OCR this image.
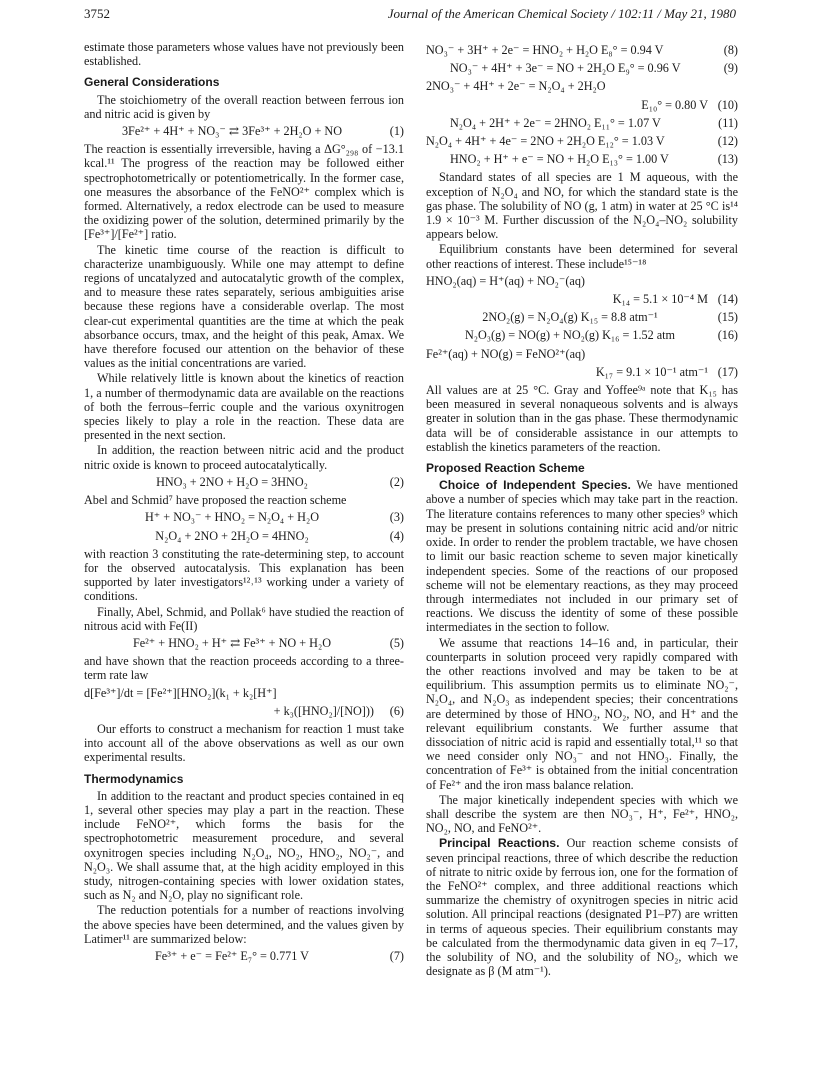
3752	Journal of the American Chemical Society / 102:11 / May 21, 1980

estimate those parameters whose values have not previously been established.

General Considerations

The stoichiometry of the overall reaction between ferrous ion and nitric acid is given by

3Fe²⁺ + 4H⁺ + NO₃⁻ ⇄ 3Fe³⁺ + 2H₂O + NO	(1)

The reaction is essentially irreversible, having a ΔG°₂₉₈ of −13.1 kcal.¹¹ The progress of the reaction may be followed either spectrophotometrically or potentiometrically. In the former case, one measures the absorbance of the FeNO²⁺ complex which is formed. Alternatively, a redox electrode can be used to measure the oxidizing power of the solution, determined primarily by the [Fe³⁺]/[Fe²⁺] ratio.

The kinetic time course of the reaction is difficult to characterize unambiguously. While one may attempt to define regions of uncatalyzed and autocatalytic growth of the complex, and to measure these rates separately, serious ambiguities arise because these regions have a considerable overlap. The most clear-cut experimental quantities are the time at which the peak absorbance occurs, tmax, and the height of this peak, Amax. We have therefore focused our attention on the behavior of these values as the initial concentrations are varied.

While relatively little is known about the kinetics of reaction 1, a number of thermodynamic data are available on the reactions of both the ferrous–ferric couple and the various oxynitrogen species likely to play a role in the reaction. These data are presented in the next section.

In addition, the reaction between nitric acid and the product nitric oxide is known to proceed autocatalytically.

HNO₃ + 2NO + H₂O = 3HNO₂	(2)

Abel and Schmid⁷ have proposed the reaction scheme

H⁺ + NO₃⁻ + HNO₂ = N₂O₄ + H₂O	(3)
N₂O₄ + 2NO + 2H₂O = 4HNO₂	(4)

with reaction 3 constituting the rate-determining step, to account for the observed autocatalysis. This explanation has been supported by later investigators¹²˒¹³ working under a variety of conditions.

Finally, Abel, Schmid, and Pollak⁶ have studied the reaction of nitrous acid with Fe(II)

Fe²⁺ + HNO₂ + H⁺ ⇄ Fe³⁺ + NO + H₂O	(5)

and have shown that the reaction proceeds according to a three-term rate law

d[Fe³⁺]/dt = [Fe²⁺][HNO₂](k₁ + k₂[H⁺]
+ k₃([HNO₂]/[NO]))	(6)

Our efforts to construct a mechanism for reaction 1 must take into account all of the above observations as well as our own experimental results.

Thermodynamics

In addition to the reactant and product species contained in eq 1, several other species may play a part in the reaction. These include FeNO²⁺, which forms the basis for the spectrophotometric measurement procedure, and several oxynitrogen species including N₂O₄, NO₂, HNO₂, NO₂⁻, and N₂O₃. We shall assume that, at the high acidity employed in this study, nitrogen-containing species with lower oxidation states, such as N₂ and N₂O, play no significant role.

The reduction potentials for a number of reactions involving the above species have been determined, and the values given by Latimer¹¹ are summarized below:

Fe³⁺ + e⁻ = Fe²⁺ E₇° = 0.771 V	(7)
NO₃⁻ + 3H⁺ + 2e⁻ = HNO₂ + H₂O E₈° = 0.94 V	(8)
NO₃⁻ + 4H⁺ + 3e⁻ = NO + 2H₂O E₉° = 0.96 V	(9)
2NO₃⁻ + 4H⁺ + 2e⁻ = N₂O₄ + 2H₂O
E₁₀° = 0.80 V (10)
N₂O₄ + 2H⁺ + 2e⁻ = 2HNO₂ E₁₁° = 1.07 V	(11)
N₂O₄ + 4H⁺ + 4e⁻ = 2NO + 2H₂O E₁₂° = 1.03 V	(12)
HNO₂ + H⁺ + e⁻ = NO + H₂O E₁₃° = 1.00 V	(13)

Standard states of all species are 1 M aqueous, with the exception of N₂O₄ and NO, for which the standard state is the gas phase. The solubility of NO (g, 1 atm) in water at 25 °C is¹⁴ 1.9 × 10⁻³ M. Further discussion of the N₂O₄–NO₂ solubility appears below.

Equilibrium constants have been determined for several other reactions of interest. These include¹⁵⁻¹⁸

HNO₂(aq) = H⁺(aq) + NO₂⁻(aq)
K₁₄ = 5.1 × 10⁻⁴ M (14)
2NO₂(g) = N₂O₄(g) K₁₅ = 8.8 atm⁻¹	(15)
N₂O₃(g) = NO(g) + NO₂(g) K₁₆ = 1.52 atm	(16)
Fe²⁺(aq) + NO(g) = FeNO²⁺(aq)
K₁₇ = 9.1 × 10⁻¹ atm⁻¹ (17)

All values are at 25 °C. Gray and Yoffee⁹ᵃ note that K₁₅ has been measured in several nonaqueous solvents and is always greater in solution than in the gas phase. These thermodynamic data will be of considerable assistance in our attempts to establish the kinetics parameters of the reaction.

Proposed Reaction Scheme

Choice of Independent Species. We have mentioned above a number of species which may take part in the reaction. The literature contains references to many other species⁹ which may be present in solutions containing nitric acid and/or nitric oxide. In order to render the problem tractable, we have chosen to limit our basic reaction scheme to seven major kinetically independent species. Some of the reactions of our proposed scheme will not be elementary reactions, as they may proceed through intermediates not included in our primary set of reactions. We discuss the identity of some of these possible intermediates in the section to follow.

We assume that reactions 14–16 and, in particular, their counterparts in solution proceed very rapidly compared with the other reactions involved and may be taken to be at equilibrium. This assumption permits us to eliminate NO₂⁻, N₂O₄, and N₂O₃ as independent species; their concentrations are determined by those of HNO₂, NO₂, NO, and H⁺ and the relevant equilibrium constants. We further assume that dissociation of nitric acid is rapid and essentially total,¹¹ so that we need consider only NO₃⁻ and not HNO₃. Finally, the concentration of Fe³⁺ is obtained from the initial concentration of Fe²⁺ and the iron mass balance relation.

The major kinetically independent species with which we shall describe the system are then NO₃⁻, H⁺, Fe²⁺, HNO₂, NO₂, NO, and FeNO²⁺.

Principal Reactions. Our reaction scheme consists of seven principal reactions, three of which describe the reduction of nitrate to nitric oxide by ferrous ion, one for the formation of the FeNO²⁺ complex, and three additional reactions which summarize the chemistry of oxynitrogen species in nitric acid solution. All principal reactions (designated P1–P7) are written in terms of aqueous species. Their equilibrium constants may be calculated from the thermodynamic data given in eq 7–17, the solubility of NO, and the solubility of NO₂, which we designate as β (M atm⁻¹).
